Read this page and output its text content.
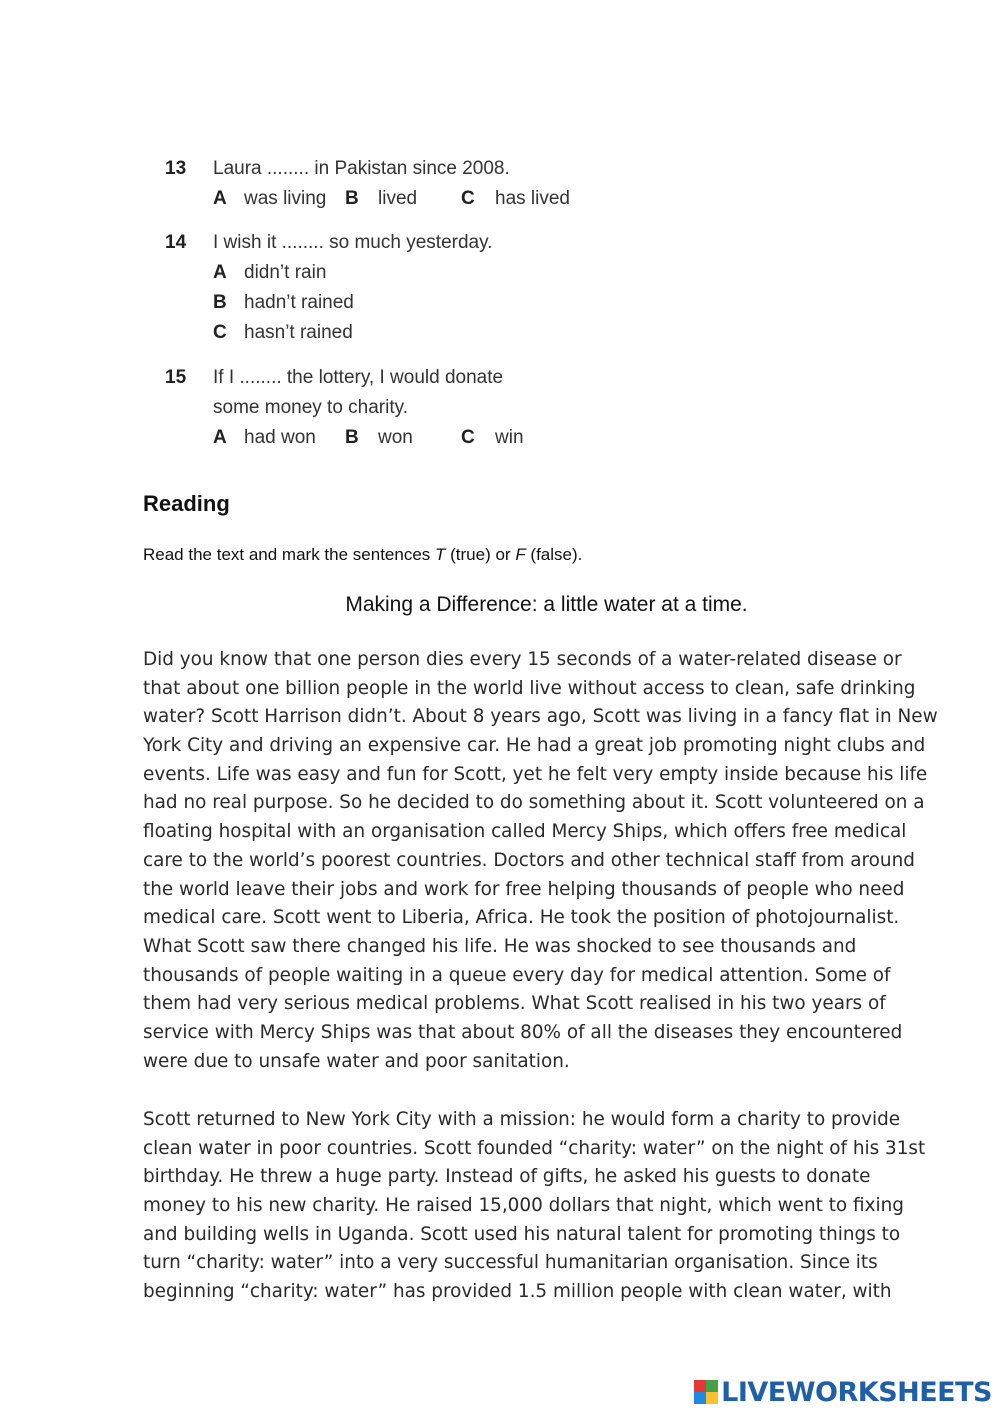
13 Laura ........ in Pakistan since 2008.
A was living B lived C has lived
14 I wish it ........ so much yesterday.
A didn’t rain
B hadn’t rained
C hasn’t rained
15 If I ........ the lottery, I would donate
some money to charity.
A had won B won	C win
Reading
Read the text and mark the sentences T (true) or F (false).
Making a Difference: a little water at a time.
Did you know that one person dies every 15 seconds of a water-related disease or
that about one billion people in the world live without access to clean, safe drinking
water? Scott Harrison didn’t. About 8 years ago, Scott was living in a fancy flat in New
York City and driving an expensive car. He had a great job promoting night clubs and
events. Life was easy and fun for Scott, yet he felt very empty inside because his life
had no real purpose. So he decided to do something about it. Scott volunteered on a
floating hospital with an organisation called Mercy Ships, which offers free medical
care to the world’s poorest countries. Doctors and other technical staff from around
the world leave their jobs and work for free helping thousands of people who need
medical care. Scott went to Liberia, Africa. He took the position of photojournalist.
What Scott saw there changed his life. He was shocked to see thousands and
thousands of people waiting in a queue every day for medical attention. Some of
them had very serious medical problems. What Scott realised in his two years of
service with Mercy Ships was that about 80% of all the diseases they encountered
were due to unsafe water and poor sanitation.
Scott returned to New York City with a mission: he would form a charity to provide
clean water in poor countries. Scott founded “charity: water” on the night of his 31st
birthday. He threw a huge party. Instead of gifts, he asked his guests to donate
money to his new charity. He raised 15,000 dollars that night, which went to fixing
and building wells in Uganda. Scott used his natural talent for promoting things to
turn “charity: water” into a very successful humanitarian organisation. Since its
beginning “charity: water” has provided 1.5 million people with clean water, with
LIVEWORKSHEETS
